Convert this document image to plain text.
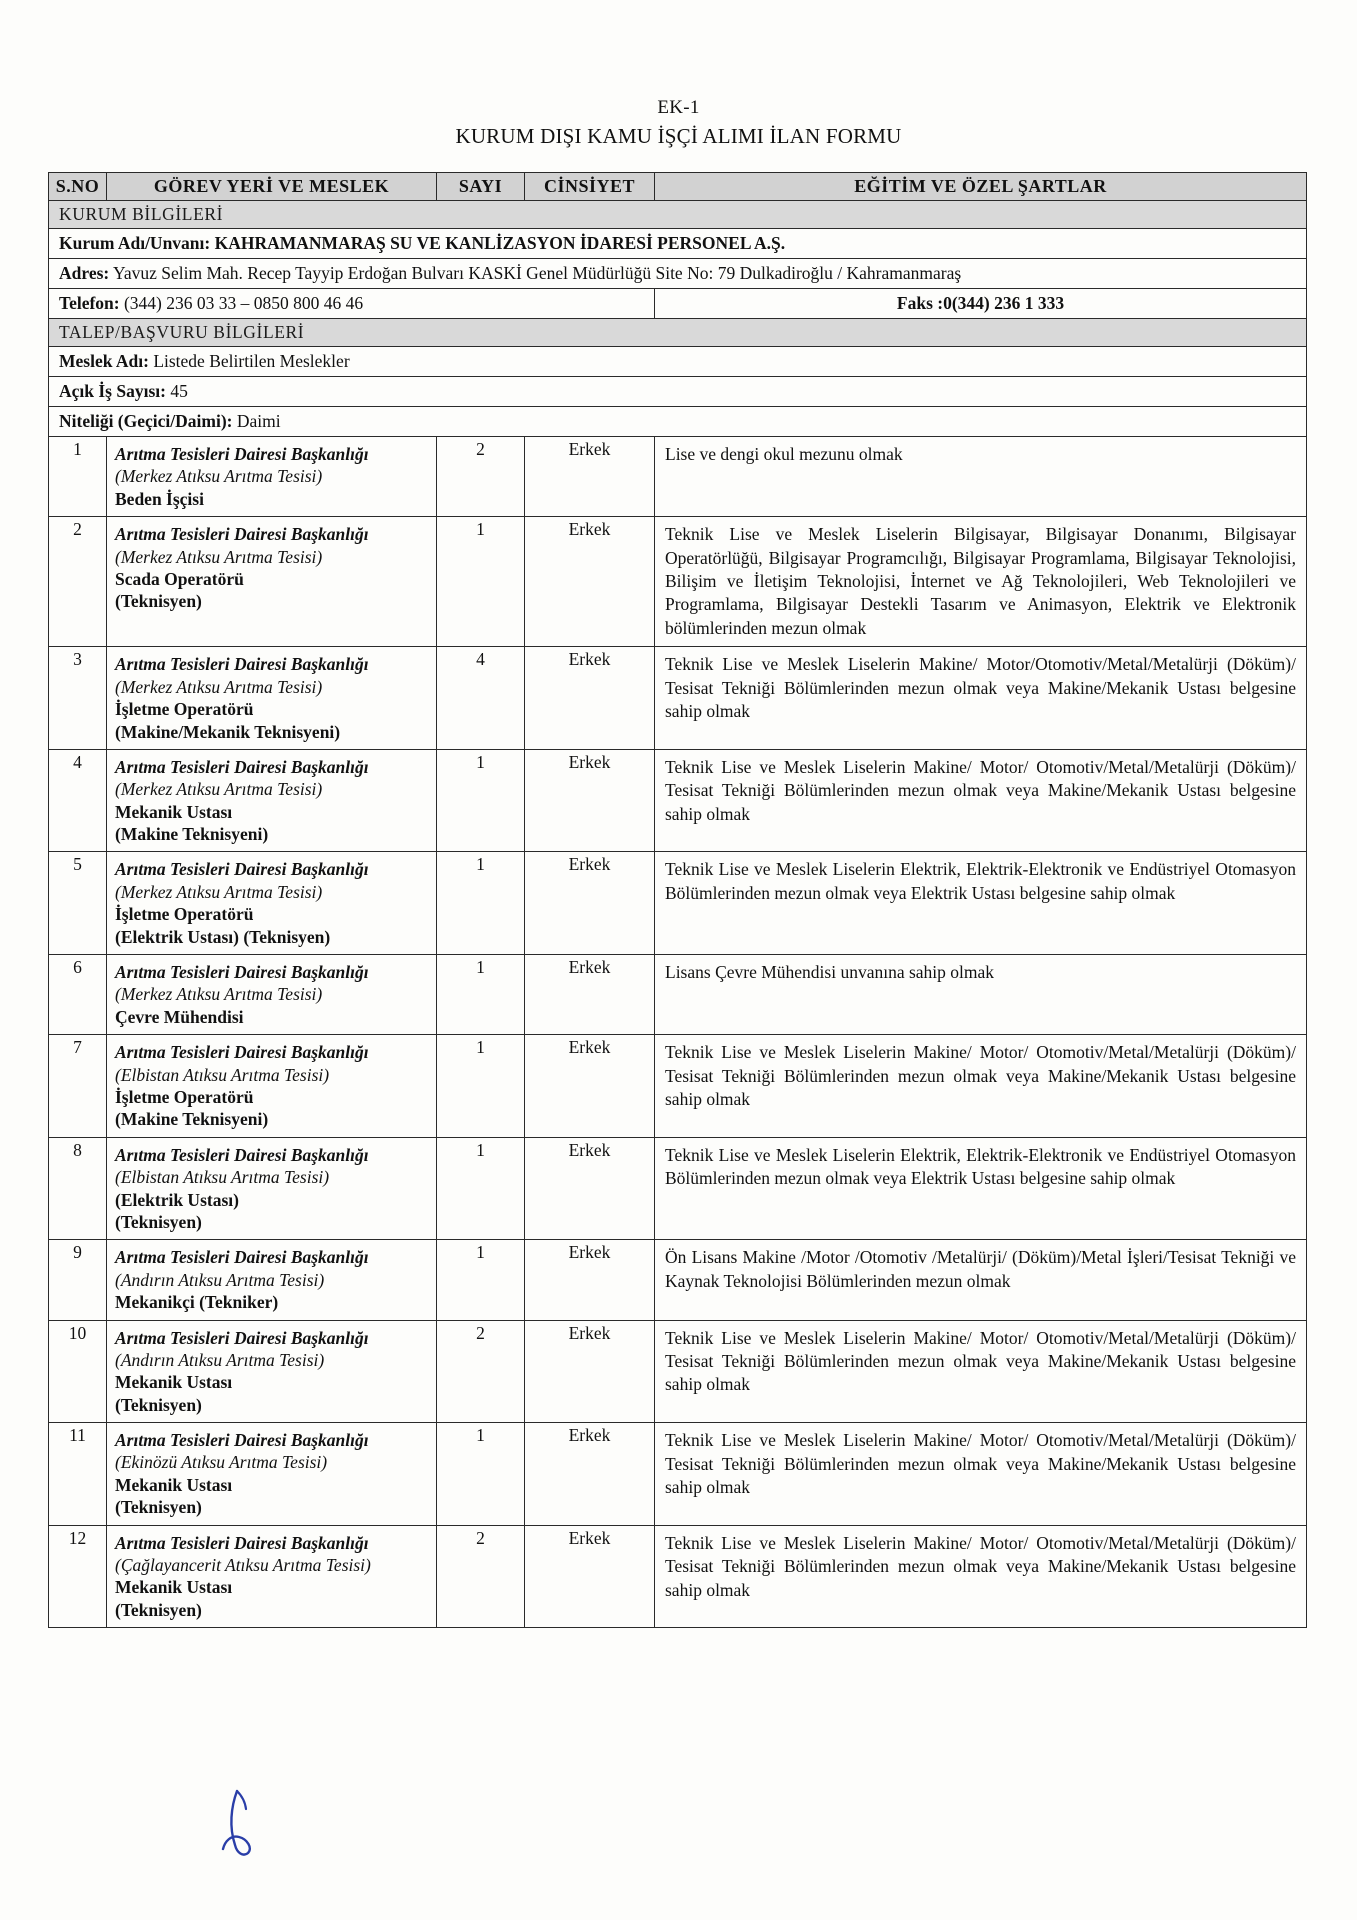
EK-1
KURUM DIŞI KAMU İŞÇİ ALIMI İLAN FORMU
KURUM BİLGİLERİ				
Kurum Adı/Unvanı: KAHRAMANMARAŞ SU VE KANLİZASYON İDARESİ PERSONEL A.Ş.				
Adres: Yavuz Selim Mah. Recep Tayyip Erdoğan Bulvarı KASKİ Genel Müdürlüğü Site No: 79 Dulkadiroğlu / Kahramanmaraş				
Telefon: (344) 236 03 33 – 0850 800 46 46				Faks :0(344) 236 1 333
TALEP/BAŞVURU BİLGİLERİ				
Meslek Adı: Listede Belirtilen Meslekler				
Açık İş Sayısı: 45				
Niteliği (Geçici/Daimi): Daimi				
S.NO	GÖREV YERİ VE MESLEK	SAYI	CİNSİYET	EĞİTİM VE ÖZEL ŞARTLAR
1	Arıtma Tesisleri Dairesi Başkanlığı
(Merkez Atıksu Arıtma Tesisi)
Beden İşçisi	2	Erkek	Lise ve dengi okul mezunu olmak
2	Arıtma Tesisleri Dairesi Başkanlığı
(Merkez Atıksu Arıtma Tesisi)
Scada Operatörü
(Teknisyen)
	1	Erkek	Teknik Lise ve Meslek Liselerin Bilgisayar, Bilgisayar Donanımı, Bilgisayar Operatörlüğü, Bilgisayar Programcılığı, Bilgisayar Programlama, Bilgisayar Teknolojisi, Bilişim ve İletişim Teknolojisi, İnternet ve Ağ Teknolojileri, Web Teknolojileri ve Programlama, Bilgisayar Destekli Tasarım ve Animasyon, Elektrik ve Elektronik bölümlerinden mezun olmak
3	Arıtma Tesisleri Dairesi Başkanlığı
(Merkez Atıksu Arıtma Tesisi)
İşletme Operatörü
(Makine/Mekanik Teknisyeni)	4	Erkek	Teknik Lise ve Meslek Liselerin Makine/ Motor/Otomotiv/Metal/Metalürji (Döküm)/ Tesisat Tekniği Bölümlerinden mezun olmak veya Makine/Mekanik Ustası belgesine sahip olmak
4	Arıtma Tesisleri Dairesi Başkanlığı
(Merkez Atıksu Arıtma Tesisi)
Mekanik Ustası
(Makine Teknisyeni)	1	Erkek	Teknik Lise ve Meslek Liselerin Makine/ Motor/ Otomotiv/Metal/Metalürji (Döküm)/ Tesisat Tekniği Bölümlerinden mezun olmak veya Makine/Mekanik Ustası belgesine sahip olmak
5	Arıtma Tesisleri Dairesi Başkanlığı
(Merkez Atıksu Arıtma Tesisi)
İşletme Operatörü
(Elektrik Ustası) (Teknisyen)	1	Erkek	Teknik Lise ve Meslek Liselerin Elektrik, Elektrik-Elektronik ve Endüstriyel Otomasyon Bölümlerinden mezun olmak veya Elektrik Ustası belgesine sahip olmak
6	Arıtma Tesisleri Dairesi Başkanlığı
(Merkez Atıksu Arıtma Tesisi)
Çevre Mühendisi	1	Erkek	Lisans Çevre Mühendisi unvanına sahip olmak
7	Arıtma Tesisleri Dairesi Başkanlığı
(Elbistan Atıksu Arıtma Tesisi)
İşletme Operatörü
(Makine Teknisyeni)	1	Erkek	Teknik Lise ve Meslek Liselerin Makine/ Motor/ Otomotiv/Metal/Metalürji (Döküm)/ Tesisat Tekniği Bölümlerinden mezun olmak veya Makine/Mekanik Ustası belgesine sahip olmak
8	Arıtma Tesisleri Dairesi Başkanlığı
(Elbistan Atıksu Arıtma Tesisi)
(Elektrik Ustası)
(Teknisyen)	1	Erkek	Teknik Lise ve Meslek Liselerin Elektrik, Elektrik-Elektronik ve Endüstriyel Otomasyon Bölümlerinden mezun olmak veya Elektrik Ustası belgesine sahip olmak
9	Arıtma Tesisleri Dairesi Başkanlığı
(Andırın Atıksu Arıtma Tesisi)
Mekanikçi (Tekniker)	1	Erkek	Ön Lisans Makine /Motor /Otomotiv /Metalürji/ (Döküm)/Metal İşleri/Tesisat Tekniği ve Kaynak Teknolojisi Bölümlerinden mezun olmak
10	Arıtma Tesisleri Dairesi Başkanlığı
(Andırın Atıksu Arıtma Tesisi)
Mekanik Ustası
(Teknisyen)	2	Erkek	Teknik Lise ve Meslek Liselerin Makine/ Motor/ Otomotiv/Metal/Metalürji (Döküm)/ Tesisat Tekniği Bölümlerinden mezun olmak veya Makine/Mekanik Ustası belgesine sahip olmak
11	Arıtma Tesisleri Dairesi Başkanlığı
(Ekinözü Atıksu Arıtma Tesisi)
Mekanik Ustası
(Teknisyen)	1	Erkek	Teknik Lise ve Meslek Liselerin Makine/ Motor/ Otomotiv/Metal/Metalürji (Döküm)/ Tesisat Tekniği Bölümlerinden mezun olmak veya Makine/Mekanik Ustası belgesine sahip olmak
12	Arıtma Tesisleri Dairesi Başkanlığı
(Çağlayancerit Atıksu Arıtma Tesisi)
Mekanik Ustası
(Teknisyen)	2	Erkek	Teknik Lise ve Meslek Liselerin Makine/ Motor/ Otomotiv/Metal/Metalürji (Döküm)/ Tesisat Tekniği Bölümlerinden mezun olmak veya Makine/Mekanik Ustası belgesine sahip olmak
